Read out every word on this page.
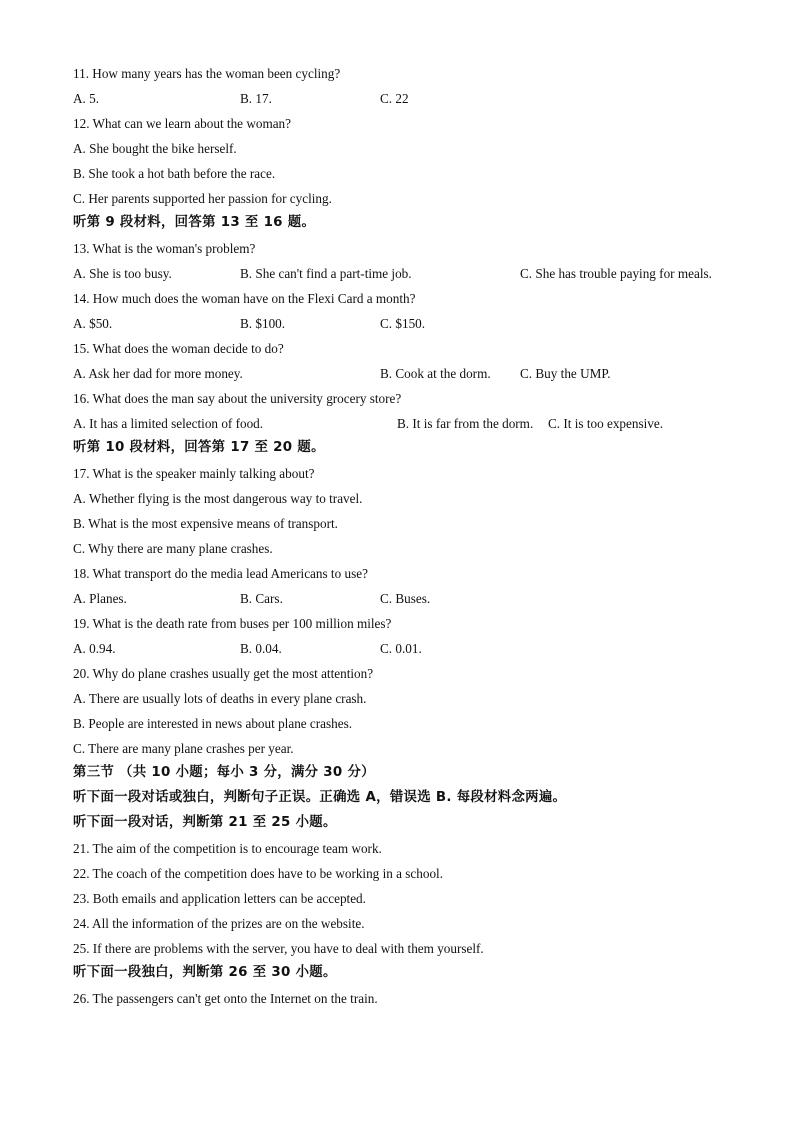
11. How many years has the woman been cycling?
A. 5.	B. 17.	C. 22
12. What can we learn about the woman?
A. She bought the bike herself.
B. She took a hot bath before the race.
C. Her parents supported her passion for cycling.
听第 9 段材料，回答第 13 至 16 题。
13. What is the woman's problem?
A. She is too busy.	B. She can't find a part-time job.	C. She has trouble paying for meals.
14. How much does the woman have on the Flexi Card a month?
A. $50.	B. $100.	C. $150.
15. What does the woman decide to do?
A. Ask her dad for more money.	B. Cook at the dorm. C. Buy the UMP.
16. What does the man say about the university grocery store?
A. It has a limited selection of food.	B. It is far from the dorm. C. It is too expensive.
听第 10 段材料，回答第 17 至 20 题。
17. What is the speaker mainly talking about?
A. Whether flying is the most dangerous way to travel.
B. What is the most expensive means of transport.
C. Why there are many plane crashes.
18. What transport do the media lead Americans to use?
A. Planes.	B. Cars.	C. Buses.
19. What is the death rate from buses per 100 million miles?
A. 0.94.	B. 0.04.	C. 0.01.
20. Why do plane crashes usually get the most attention?
A. There are usually lots of deaths in every plane crash.
B. People are interested in news about plane crashes.
C. There are many plane crashes per year.
第三节 （共 10 小题；每小 3 分，满分 30 分）
听下面一段对话或独白，判断句子正误。正确选 A，错误选 B. 每段材料念两遍。
听下面一段对话，判断第 21 至 25 小题。
21. The aim of the competition is to encourage team work.
22. The coach of the competition does have to be working in a school.
23. Both emails and application letters can be accepted.
24. All the information of the prizes are on the website.
25. If there are problems with the server, you have to deal with them yourself.
听下面一段独白，判断第 26 至 30 小题。
26. The passengers can't get onto the Internet on the train.
